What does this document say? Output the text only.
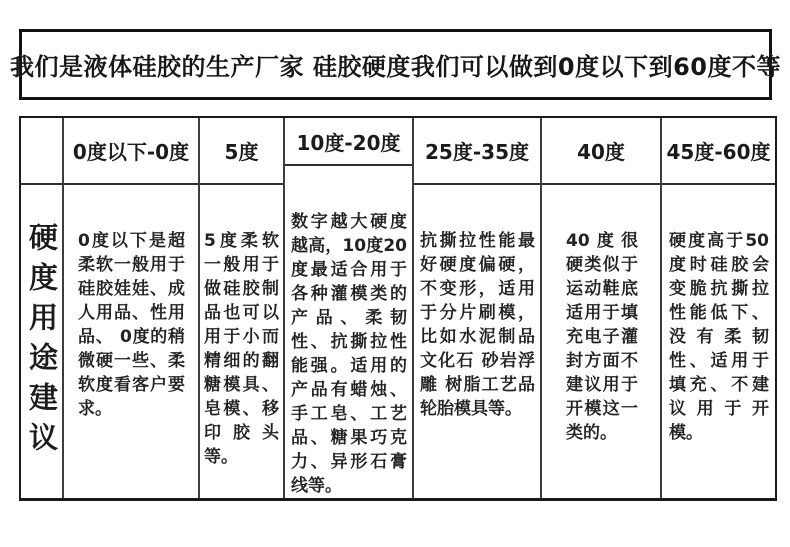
我们是液体硅胶的生产厂家 硅胶硬度我们可以做到0度以下到60度不等
硬度用途建议
0度以下-0度
0度以下是超柔软一般用于硅胶娃娃、成人用品、性用品、 0度的稍微硬一些、柔软度看客户要求。
5度
5度柔软 一般用于做硅胶制品也可以用于小而精细的翻糖模具、皂模、移印胶头等。
10度-20度
数字越大硬度越高，10度20度最适合用于各种灌模类的产品、柔韧性、抗撕拉性能强。适用的产品有蜡烛、手工皂、工艺品、糖果巧克力、异形石膏线等。
25度-35度
抗撕拉性能最好硬度偏硬，不变形，适用于分片刷模，比如水泥制品 文化石 砂岩浮雕 树脂工艺品轮胎模具等。
40度
40度很硬类似于运动鞋底适用于填充电子灌封方面不建议用于开模这一类的。
45度-60度
硬度高于50度时硅胶会变脆抗撕拉性能低下、没有柔韧性、适用于填充、不建议用于开模。
